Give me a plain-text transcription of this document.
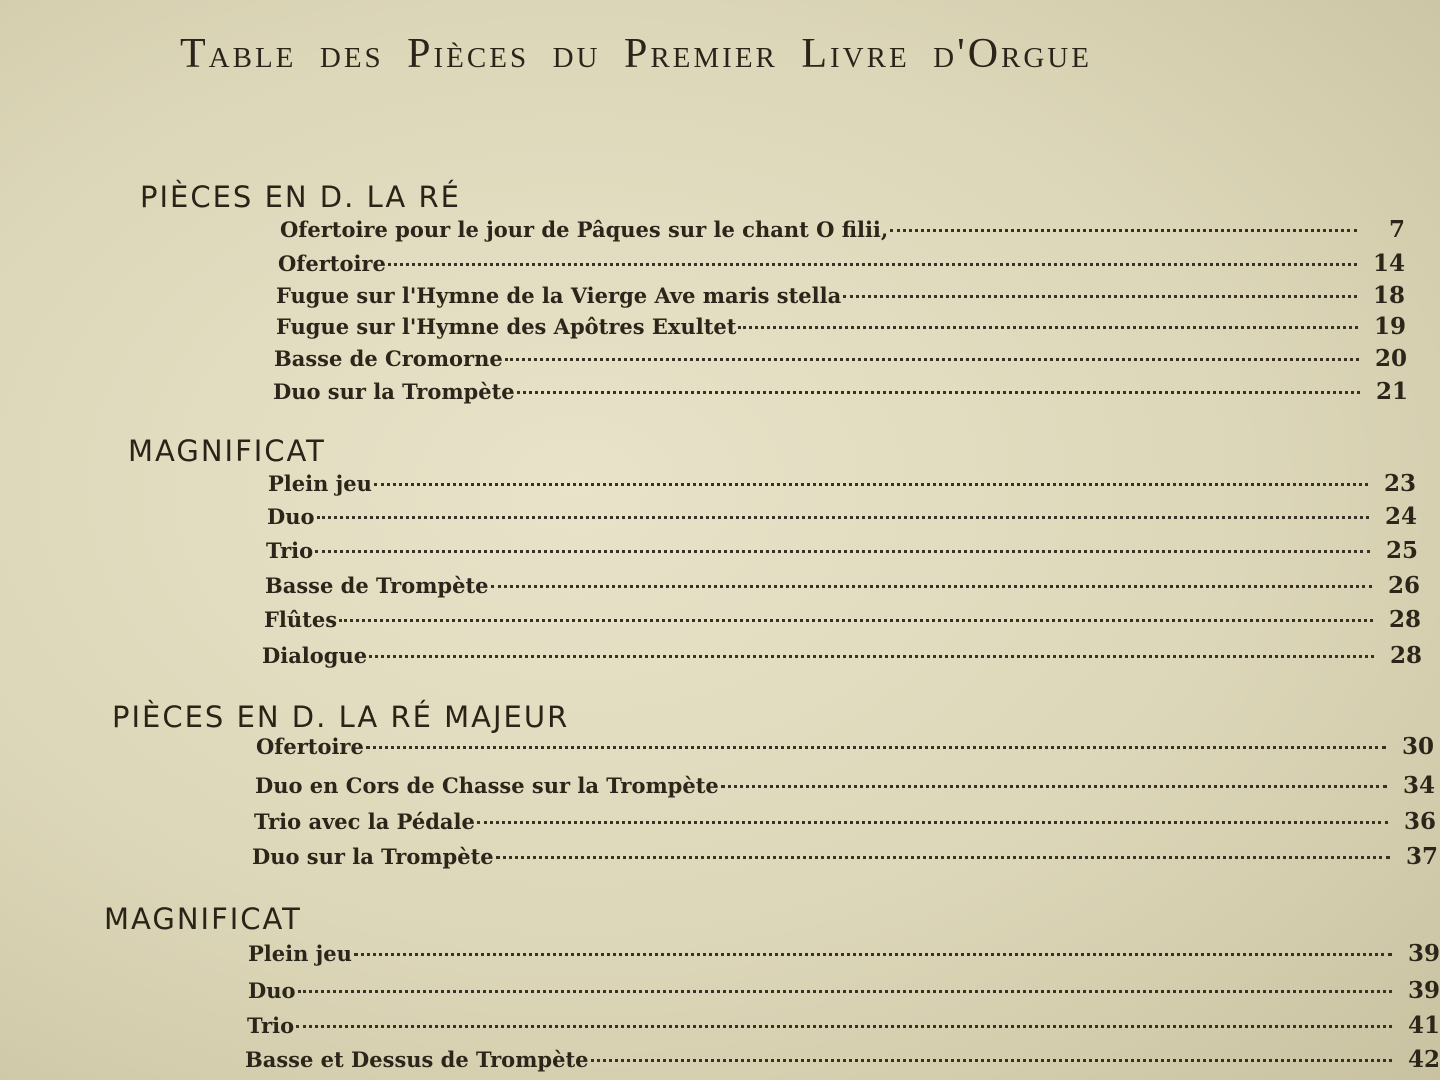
Table des Pièces du Premier Livre d'Orgue
PIÈCES EN D. LA RÉ
Ofertoire pour le jour de Pâques sur le chant O filii,	7
Ofertoire	14
Fugue sur l'Hymne de la Vierge Ave maris stella	18
Fugue sur l'Hymne des Apôtres Exultet	19
Basse de Cromorne	20
Duo sur la Trompète	21
MAGNIFICAT
Plein jeu	23
Duo	24
Trio	25
Basse de Trompète	26
Flûtes	28
Dialogue	28
PIÈCES EN D. LA RÉ MAJEUR
Ofertoire	30
Duo en Cors de Chasse sur la Trompète	34
Trio avec la Pédale	36
Duo sur la Trompète	37
MAGNIFICAT
Plein jeu	39
Duo	39
Trio	41
Basse et Dessus de Trompète	42
